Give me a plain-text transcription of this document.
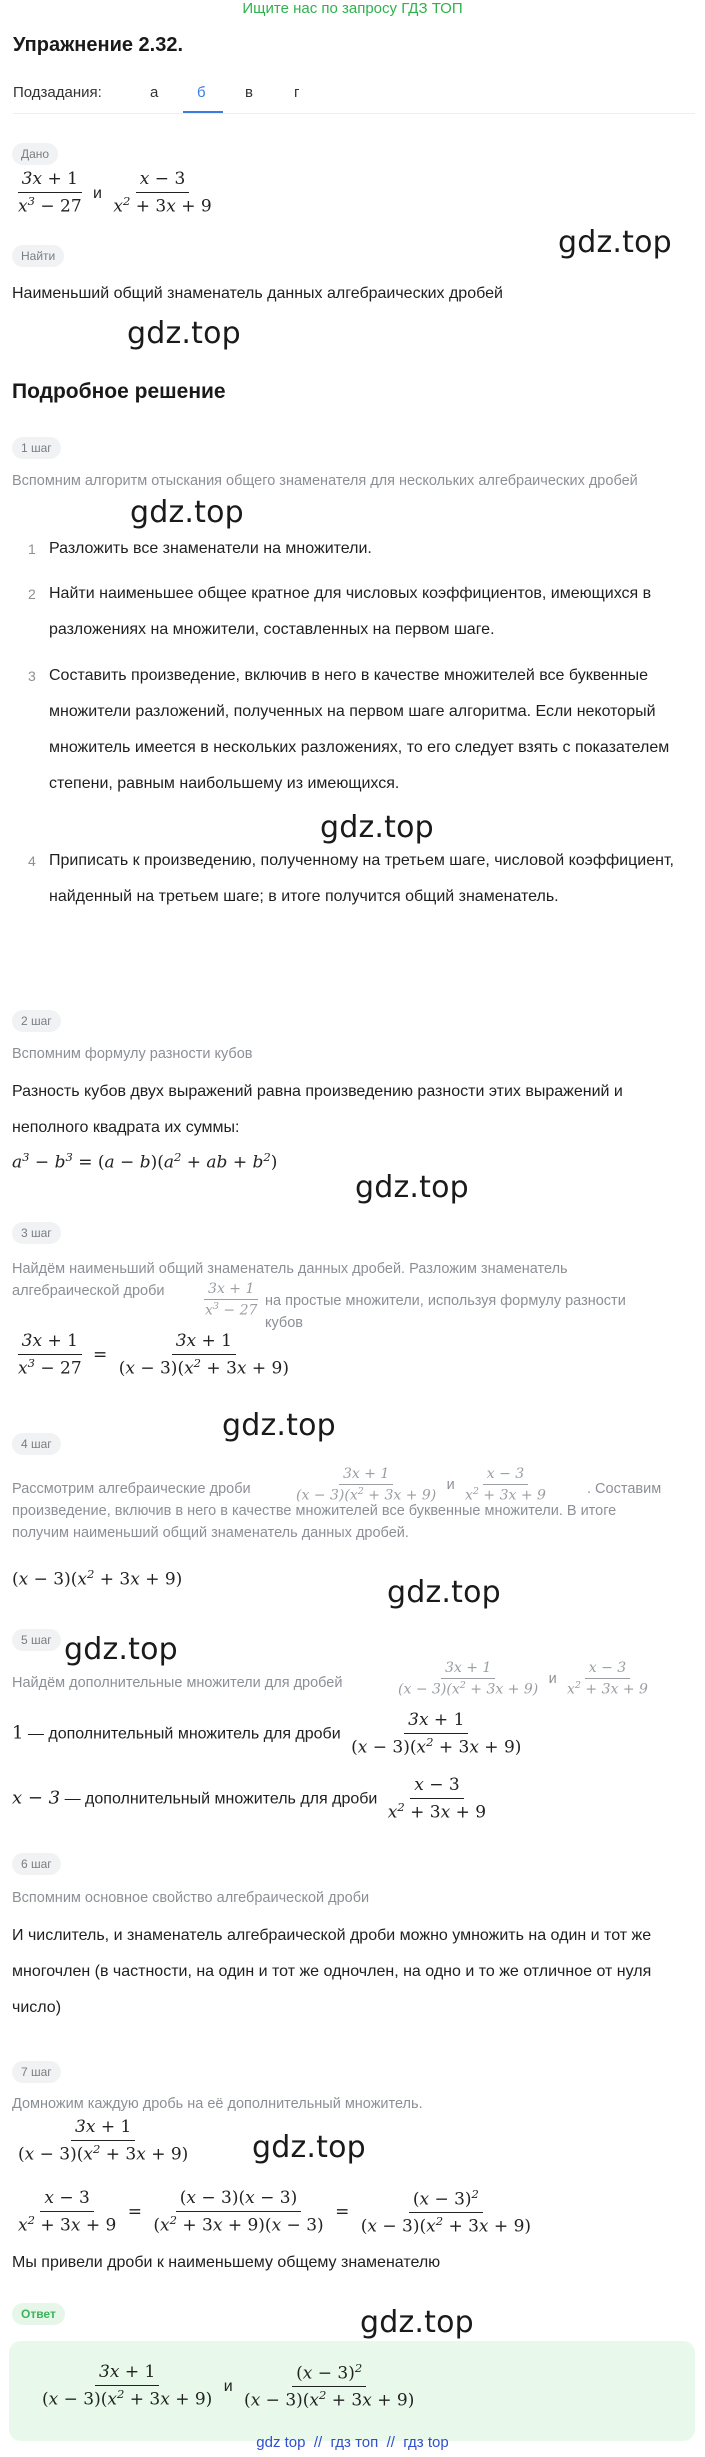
Ищите нас по запросу ГДЗ ТОП
Упражнение 2.32.
Подзадания:	а	б	в	г
Дано
$\frac{3x + 1}{x^3 - 27}$ и $\frac{x - 3}{x^2 + 3x + 9}$
Найти
Наименьший общий знаменатель данных алгебраических дробей
gdz.top
gdz.top
gdz.top
gdz.top
gdz.top
gdz.top
gdz.top
gdz.top
gdz.top
gdz.top
Подробное решение
1 шаг
Вспомним алгоритм отыскания общего знаменателя для нескольких алгебраических дробей
1 Разложить все знаменатели на множители.
2 Найти наименьшее общее кратное для числовых коэффициентов, имеющихся в разложениях на множители, составленных на первом шаге.
3 Составить произведение, включив в него в качестве множителей все буквенные множители разложений, полученных на первом шаге алгоритма. Если некоторый множитель имеется в нескольких разложениях, то его следует взять с показателем степени, равным наибольшему из имеющихся.
4 Приписать к произведению, полученному на третьем шаге, числовой коэффициент, найденный на третьем шаге; в итоге получится общий знаменатель.
2 шаг
Вспомним формулу разности кубов
Разность кубов двух выражений равна произведению разности этих выражений и неполного квадрата их суммы:
$a^3 - b^3 = (a - b)(a^2$ + ab + $b^2$)
3 шаг
Найдём наименьший общий знаменатель данных дробей. Разложим знаменатель алгебраической дроби	$\frac{3x + 1}{x^3 - 27}$ на простые множители, используя формулу разности кубов
$\frac{3x + 1}{x^3 - 27} = \frac{3x + 1}{(x - 3)(x^2 + 3x + 9)}$
4 шаг
Рассмотрим алгебраические дроби	$\frac{3x + 1}{(x - 3)(x^2 + 3x + 9)}$ и $\frac{x - 3}{x^2 + 3x + 9}$	. Составим произведение, включив в него в качестве множителей все буквенные множители. В итоге получим наименьший общий знаменатель данных дробей.
$(x - 3)(x^2 + 3x + 9)$
5 шаг
Найдём дополнительные множители для дробей	$\frac{3x + 1}{(x - 3)(x^2 + 3x + 9)}$ и $\frac{x - 3}{x^2 + 3x + 9}$
1 — дополнительный множитель для дроби $\frac{3x + 1}{(x - 3)(x^2 + 3x + 9)}$
x − 3 — дополнительный множитель для дроби $\frac{x - 3}{x^2 + 3x + 9}$
6 шаг
Вспомним основное свойство алгебраической дроби
И числитель, и знаменатель алгебраической дроби можно умножить на один и тот же многочлен (в частности, на один и тот же одночлен, на одно и то же отличное от нуля число)
7 шаг
Домножим каждую дробь на её дополнительный множитель.
$\frac{3x + 1}{(x - 3)(x^2 + 3x + 9)}$
$\frac{x - 3}{x^2 + 3x + 9} = \frac{(x - 3)(x - 3)}{(x^2 + 3x + 9)(x - 3)} = \frac{(x - 3)^2}{(x - 3)(x^2 + 3x + 9)}$
Мы привели дроби к наименьшему общему знаменателю
Ответ
$\frac{3x + 1}{(x - 3)(x^2 + 3x + 9)}$ и $\frac{(x - 3)^2}{(x - 3)(x^2 + 3x + 9)}$
gdz top  //  гдз топ  //  гдз top
